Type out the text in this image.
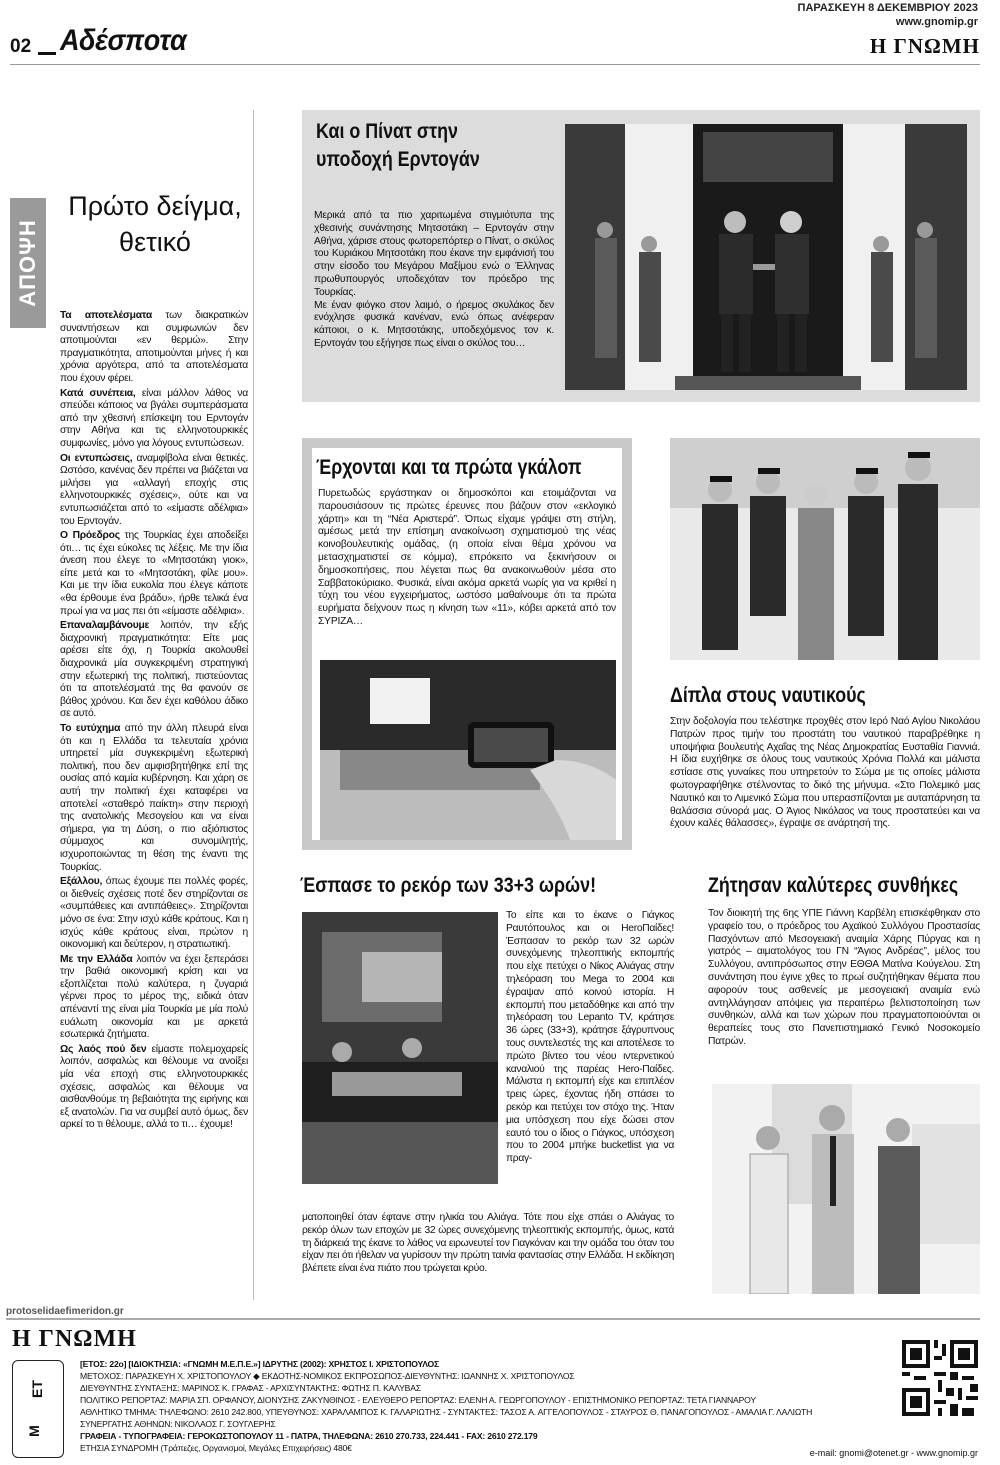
ΠΑΡΑΣΚΕΥΗ 8 ΔΕΚΕΜΒΡΙΟΥ 2023
www.gnomip.gr
02 Αδέσποτα	Η ΓΝΩΜΗ
ΑΠΟΨΗ
Πρώτο δείγμα, θετικό

Τα αποτελέσματα των διακρατικών συναντήσεων και συμφωνιών δεν αποτιμούνται «εν θερμώ». Στην πραγματικότητα, αποτιμούνται μήνες ή και χρόνια αργότερα, από τα αποτελέσματα που έχουν φέρει.

Κατά συνέπεια, είναι μάλλον λάθος να σπεύδει κάποιος να βγάλει συμπεράσματα από την χθεσινή επίσκεψη του Ερντογάν στην Αθήνα και τις ελληνοτουρκικές συμφωνίες, μόνο για λόγους εντυπώσεων.

Οι εντυπώσεις, αναμφίβολα είναι θετικές. Ωστόσο, κανένας δεν πρέπει να βιάζεται να μιλήσει για «αλλαγή εποχής στις ελληνοτουρκικές σχέσεις», ούτε και να εντυπωσιάζεται από το «είμαστε αδέλφια» του Ερντογάν.

Ο Πρόεδρος της Τουρκίας έχει αποδείξει ότι… τις έχει εύκολες τις λέξεις. Με την ίδια άνεση που έλεγε το «Μητσοτάκη γιοκ», είπε μετά και το «Μητσοτάκη, φίλε μου». Και με την ίδια ευκολία που έλεγε κάποτε «θα έρθουμε ένα βράδυ», ήρθε τελικά ένα πρωί για να μας πει ότι «είμαστε αδέλφια».

Επαναλαμβάνουμε λοιπόν, την εξής διαχρονική πραγματικότητα: Είτε μας αρέσει είτε όχι, η Τουρκία ακολουθεί διαχρονικά μία συγκεκριμένη στρατηγική στην εξωτερική της πολιτική, πιστεύοντας ότι τα αποτελέσματά της θα φανούν σε βάθος χρόνου. Και δεν έχει καθόλου άδικο σε αυτό.

Το ευτύχημα από την άλλη πλευρά είναι ότι και η Ελλάδα τα τελευταία χρόνια υπηρετεί μία συγκεκριμένη εξωτερική πολιτική, που δεν αμφισβητήθηκε επί της ουσίας από καμία κυβέρνηση. Και χάρη σε αυτή την πολιτική έχει καταφέρει να αποτελεί «σταθερό παίκτη» στην περιοχή της ανατολικής Μεσογείου και να είναι σήμερα, για τη Δύση, ο πιο αξιόπιστος σύμμαχος και συνομιλητής, ισχυροποιώντας τη θέση της έναντι της Τουρκίας.

Εξάλλου, όπως έχουμε πει πολλές φορές, οι διεθνείς σχέσεις ποτέ δεν στηρίζονται σε «συμπάθειες και αντιπάθειες». Στηρίζονται μόνο σε ένα: Στην ισχύ κάθε κράτους. Και η ισχύς κάθε κράτους είναι, πρώτον η οικονομική και δεύτερον, η στρατιωτική.

Με την Ελλάδα λοιπόν να έχει ξεπεράσει την βαθιά οικονομική κρίση και να εξοπλίζεται πολύ καλύτερα, η ζυγαριά γέρνει προς το μέρος της, ειδικά όταν απέναντί της είναι μία Τουρκία με μία πολύ ευάλωτη οικονομία και με αρκετά εσωτερικά ζητήματα.

Ως λαός πού δεν είμαστε πολεμοχαρείς λοιπόν, ασφαλώς και θέλουμε να ανοίξει μία νέα εποχή στις ελληνοτουρκικές σχέσεις, ασφαλώς και θέλουμε να αισθανθούμε τη βεβαιότητα της ειρήνης και εξ ανατολών. Για να συμβεί αυτό όμως, δεν αρκεί το τι θέλουμε, αλλά το τι… έχουμε!

Και ο Πίνατ στην υποδοχή Ερντογάν

Μερικά από τα πιο χαριτωμένα στιγμιότυπα της χθεσινής συνάντησης Μητσοτάκη – Ερντογάν στην Αθήνα, χάρισε στους φωτορεπόρτερ ο Πίνατ, ο σκύλος του Κυριάκου Μητσοτάκη που έκανε την εμφάνισή του στην είσοδο του Μεγάρου Μαξίμου ενώ ο Έλληνας πρωθυπουργός υποδεχόταν τον πρόεδρο της Τουρκίας.

Με έναν φιόγκο στον λαιμό, ο ήρεμος σκυλάκος δεν ενόχλησε φυσικά κανέναν, ενώ όπως ανέφεραν κάποιοι, ο κ. Μητσοτάκης, υποδεχόμενος τον κ. Ερντογάν του εξήγησε πως είναι ο σκύλος του…

Έρχονται και τα πρώτα γκάλοπ
Πυρετωδώς εργάστηκαν οι δημοσκόποι και ετοιμάζονται να παρουσιάσουν τις πρώτες έρευνες που βάζουν στον «εκλογικό χάρτη» και τη “Νέα Αριστερά”. Όπως είχαμε γράψει στη στήλη, αμέσως μετά την επίσημη ανακοίνωση σχηματισμού της νέας κοινοβουλευτικής ομάδας, (η οποία είναι θέμα χρόνου να μετασχηματιστεί σε κόμμα), επρόκειτο να ξεκινήσουν οι δημοσκοπήσεις, που λέγεται πως θα ανακοινωθούν μέσα στο Σαββατοκύριακο. Φυσικά, είναι ακόμα αρκετά νωρίς για να κριθεί η τύχη του νέου εγχειρήματος, ωστόσο μαθαίνουμε ότι τα πρώτα ευρήματα δείχνουν πως η κίνηση των «11», κόβει αρκετά από τον ΣΥΡΙΖΑ…
Δίπλα στους ναυτικούς
Στην δοξολογία που τελέστηκε προχθές στον Ιερό Ναό Αγίου Νικολάου Πατρών προς τιμήν του προστάτη του ναυτικού παραβρέθηκε η υποψήφια βουλευτής Αχαΐας της Νέας Δημοκρατίας Ευσταθία Γιαννιά. Η ίδια ευχήθηκε σε όλους τους ναυτικούς Χρόνια Πολλά και μάλιστα εστίασε στις γυναίκες που υπηρετούν το Σώμα με τις οποίες μάλιστα φωτογραφήθηκε στέλνοντας το δικό της μήνυμα. «Στο Πολεμικό μας Ναυτικό και το Λιμενικό Σώμα που υπερασπίζονται με αυταπάρνηση τα θαλάσσια σύνορά μας. Ο Άγιος Νικόλαος να τους προστατεύει και να έχουν καλές θάλασσες», έγραψε σε ανάρτησή της.
Έσπασε το ρεκόρ των 33+3 ωρών!
Το είπε και το έκανε ο Γιάγκος Ραυτόπουλος και οι HeroΠαίδες! Έσπασαν το ρεκόρ των 32 ωρών συνεχόμενης τηλεοπτικής εκπομπής που είχε πετύχει ο Νίκος Αλιάγας στην τηλεόραση του Mega το 2004 και έγραψαν από κοινού ιστορία. Η εκπομπή που μεταδόθηκε και από την τηλεόραση του Lepanto TV, κράτησε 36 ώρες (33+3), κράτησε ξάγρυπνους τους συντελεστές της και αποτέλεσε το πρώτο βίντεο του νέου ιντερνετικού καναλιού της παρέας Hero-Παίδες. Μάλιστα η εκπομπή είχε και επιπλέον τρεις ώρες, έχοντας ήδη σπάσει το ρεκόρ και πετύχει τον στόχο της. Ήταν μια υπόσχεση που είχε δώσει στον εαυτό του ο ίδιος ο Γιάγκος, υπόσχεση που το 2004 μπήκε bucketlist για να πραγ-
ματοποιηθεί όταν έφτανε στην ηλικία του Αλιάγα. Τότε που είχε σπάει ο Αλιάγας το ρεκόρ όλων των εποχών με 32 ώρες συνεχόμενης τηλεοπτικής εκπομπής, όμως, κατά τη διάρκειά της έκανε το λάθος να ειρωνευτεί τον Γιαγκόναν και την ομάδα του όταν του είχαν πει ότι ήθελαν να γυρίσουν την πρώτη ταινία φαντασίας στην Ελλάδα. Η εκδίκηση βλέπετε είναι ένα πιάτο που τρώγεται κρύο.
Ζήτησαν καλύτερες συνθήκες
Τον διοικητή της 6ης ΥΠΕ Γιάννη Καρβέλη επισκέφθηκαν στο γραφείο του, ο πρόεδρος του Αχαϊκού Συλλόγου Προστασίας Πασχόντων από Μεσογειακή αναιμία Χάρης Πύργας και η γιατρός – αιματολόγος του ΓΝ “Άγιος Ανδρέας”, μέλος του Συλλόγου, αντιπρόσωπος στην ΕΘΘΑ Ματίνα Κούγελου. Στη συνάντηση που έγινε χθες το πρωί συζητήθηκαν θέματα που αφορούν τους ασθενείς με μεσογειακή αναιμία ενώ αντηλλάγησαν απόψεις για περαιτέρω βελτιστοποίηση των συνθηκών, αλλά και των χώρων που πραγματοποιούνται οι θεραπείες τους στο Πανεπιστημιακό Γενικό Νοσοκομείο Πατρών.
protoselidaefimeridon.gr
Η ΓΝΩΜΗ
Μ
ΕΤ
[ΕΤΟΣ: 22ο] [ΙΔΙΟΚΤΗΣΙΑ: «ΓΝΩΜΗ Μ.Ε.Π.Ε.»] ΙΔΡΥΤΗΣ (2002): ΧΡΗΣΤΟΣ Ι. ΧΡΙΣΤΟΠΟΥΛΟΣ
ΜΕΤΟΧΟΣ: ΠΑΡΑΣΚΕΥΗ Χ. ΧΡΙΣΤΟΠΟΥΛΟΥ ◆ ΕΚΔΟΤΗΣ-ΝΟΜΙΚΟΣ ΕΚΠΡΟΣΩΠΟΣ-ΔΙΕΥΘΥΝΤΗΣ: ΙΩΑΝΝΗΣ Χ. ΧΡΙΣΤΟΠΟΥΛΟΣ
ΔΙΕΥΘΥΝΤΗΣ ΣΥΝΤΑΞΗΣ: ΜΑΡΙΝΟΣ Κ. ΓΡΑΦΑΣ - ΑΡΧΙΣΥΝΤΑΚΤΗΣ: ΦΩΤΗΣ Π. ΚΑΛΥΒΑΣ
ΠΟΛΙΤΙΚΟ ΡΕΠΟΡΤΑΖ: ΜΑΡΙΑ ΣΠ. ΟΡΦΑΝΟΥ, ΔΙΟΝΥΣΗΣ ΖΑΚΥΝΘΙΝΟΣ - ΕΛΕΥΘΕΡΟ ΡΕΠΟΡΤΑΖ: ΕΛΕΝΗ Α. ΓΕΩΡΓΟΠΟΥΛΟΥ - ΕΠΙΣΤΗΜΟΝΙΚΟ ΡΕΠΟΡΤΑΖ: ΤΕΤΑ ΓΙΑΝΝΑΡΟΥ
ΑΘΛΗΤΙΚΟ ΤΜΗΜΑ: ΤΗΛΕΦΩΝΟ: 2610 242.800, ΥΠΕΥΘΥΝΟΣ: ΧΑΡΑΛΑΜΠΟΣ Κ. ΓΑΛΑΡΙΩΤΗΣ - ΣΥΝΤΑΚΤΕΣ: ΤΑΣΟΣ Α. ΑΓΓΕΛΟΠΟΥΛΟΣ - ΣΤΑΥΡΟΣ Θ. ΠΑΝΑΓΟΠΟΥΛΟΣ - ΑΜΑΛΙΑ Γ. ΛΑΛΙΩΤΗ
ΣΥΝΕΡΓΑΤΗΣ ΑΘΗΝΩΝ: ΝΙΚΟΛΑΟΣ Γ. ΣΟΥΓΛΕΡΗΣ
ΓΡΑΦΕΙΑ - ΤΥΠΟΓΡΑΦΕΙΑ: ΓΕΡΟΚΩΣΤΟΠΟΥΛΟΥ 11 - ΠΑΤΡΑ, ΤΗΛΕΦΩΝΑ: 2610 270.733, 224.441 - FAX: 2610 272.179
ΕΤΗΣΙΑ ΣΥΝΔΡΟΜΗ (Τράπεζες, Οργανισμοί, Μεγάλες Επιχειρήσεις) 480€	e-mail: gnomi@otenet.gr - www.gnomip.gr
